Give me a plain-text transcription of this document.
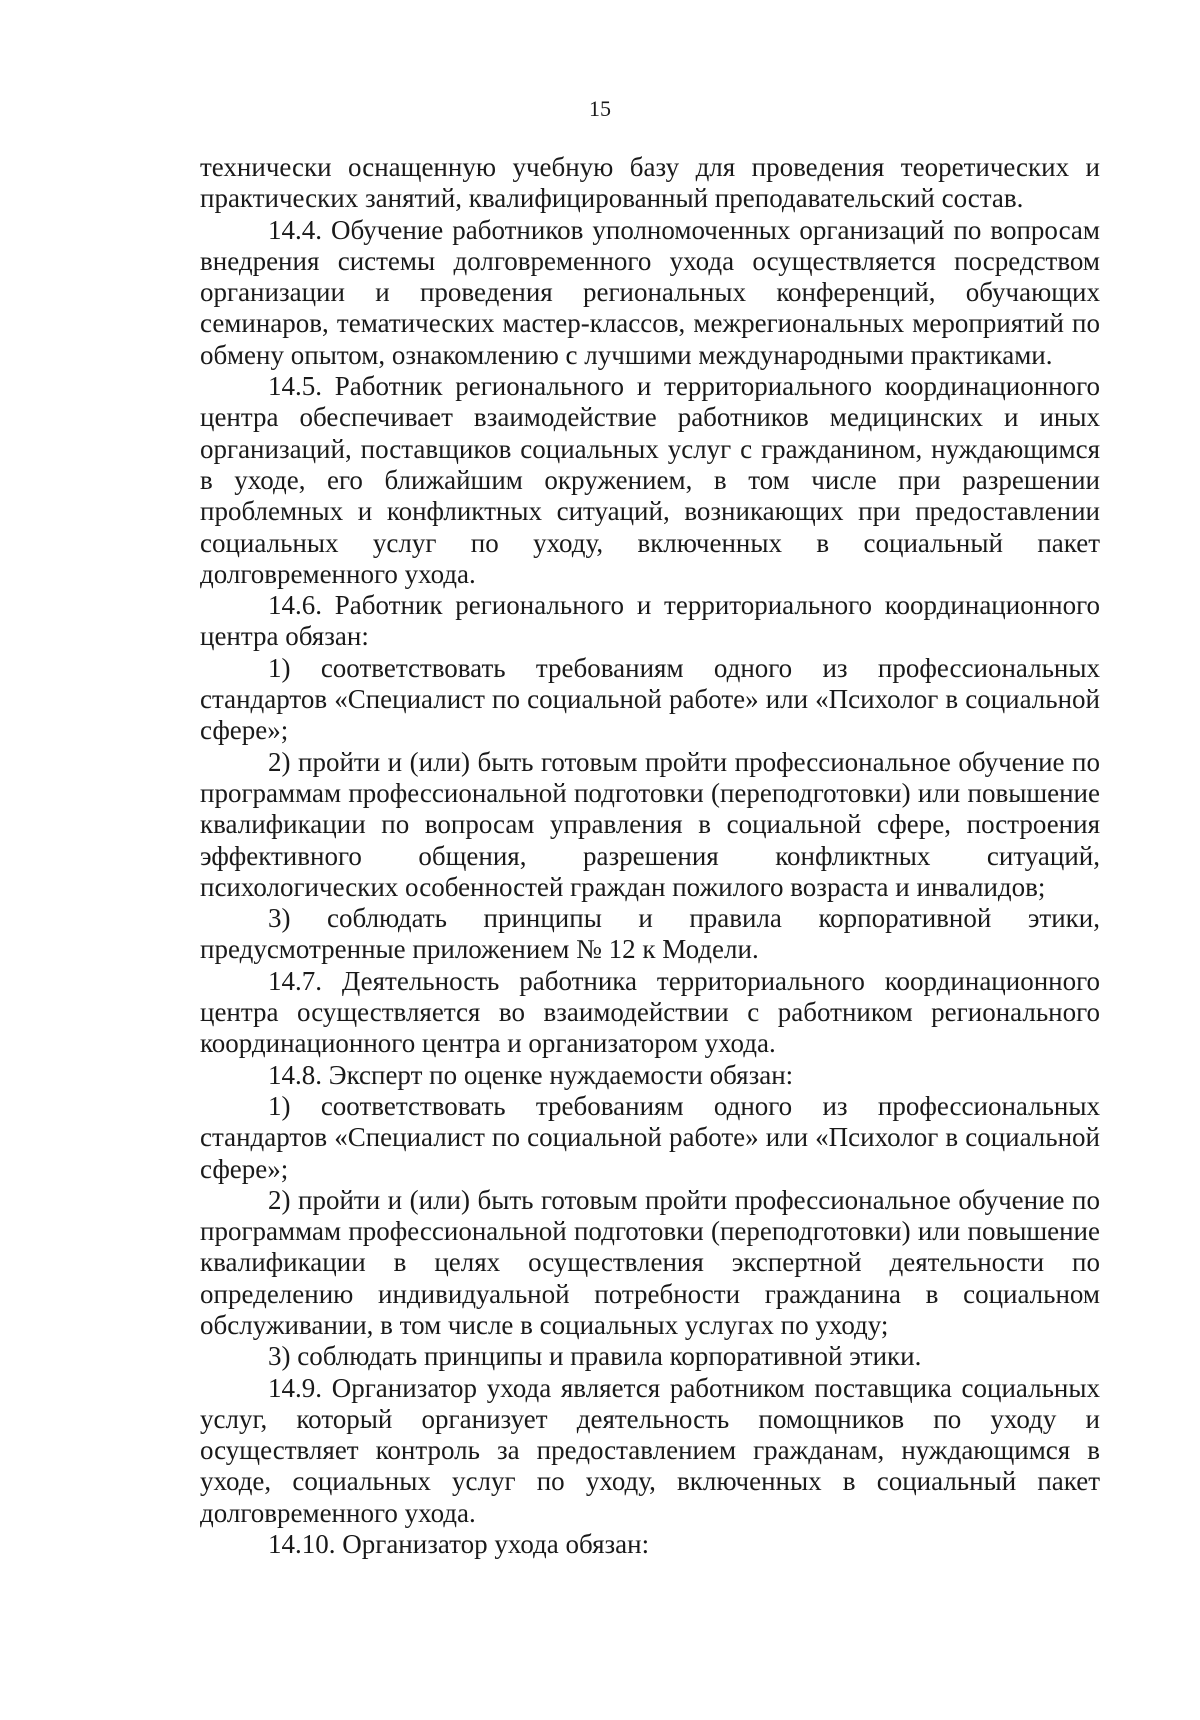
15

технически оснащенную учебную базу для проведения теоретических и практических занятий, квалифицированный преподавательский состав.

14.4. Обучение работников уполномоченных организаций по вопросам внедрения системы долговременного ухода осуществляется посредством организации и проведения региональных конференций, обучающих семинаров, тематических мастер-классов, межрегиональных мероприятий по обмену опытом, ознакомлению с лучшими международными практиками.

14.5. Работник регионального и территориального координационного центра обеспечивает взаимодействие работников медицинских и иных организаций, поставщиков социальных услуг с гражданином, нуждающимся в уходе, его ближайшим окружением, в том числе при разрешении проблемных и конфликтных ситуаций, возникающих при предоставлении социальных услуг по уходу, включенных в социальный пакет долговременного ухода.

14.6. Работник регионального и территориального координационного центра обязан:

1) соответствовать требованиям одного из профессиональных стандартов «Специалист по социальной работе» или «Психолог в социальной сфере»;

2) пройти и (или) быть готовым пройти профессиональное обучение по программам профессиональной подготовки (переподготовки) или повышение квалификации по вопросам управления в социальной сфере, построения эффективного общения, разрешения конфликтных ситуаций, психологических особенностей граждан пожилого возраста и инвалидов;

3) соблюдать принципы и правила корпоративной этики, предусмотренные приложением № 12 к Модели.

14.7. Деятельность работника территориального координационного центра осуществляется во взаимодействии с работником регионального координационного центра и организатором ухода.

14.8. Эксперт по оценке нуждаемости обязан:

1) соответствовать требованиям одного из профессиональных стандартов «Специалист по социальной работе» или «Психолог в социальной сфере»;

2) пройти и (или) быть готовым пройти профессиональное обучение по программам профессиональной подготовки (переподготовки) или повышение квалификации в целях осуществления экспертной деятельности по определению индивидуальной потребности гражданина в социальном обслуживании, в том числе в социальных услугах по уходу;

3) соблюдать принципы и правила корпоративной этики.

14.9. Организатор ухода является работником поставщика социальных услуг, который организует деятельность помощников по уходу и осуществляет контроль за предоставлением гражданам, нуждающимся в уходе, социальных услуг по уходу, включенных в социальный пакет долговременного ухода.

14.10. Организатор ухода обязан:
